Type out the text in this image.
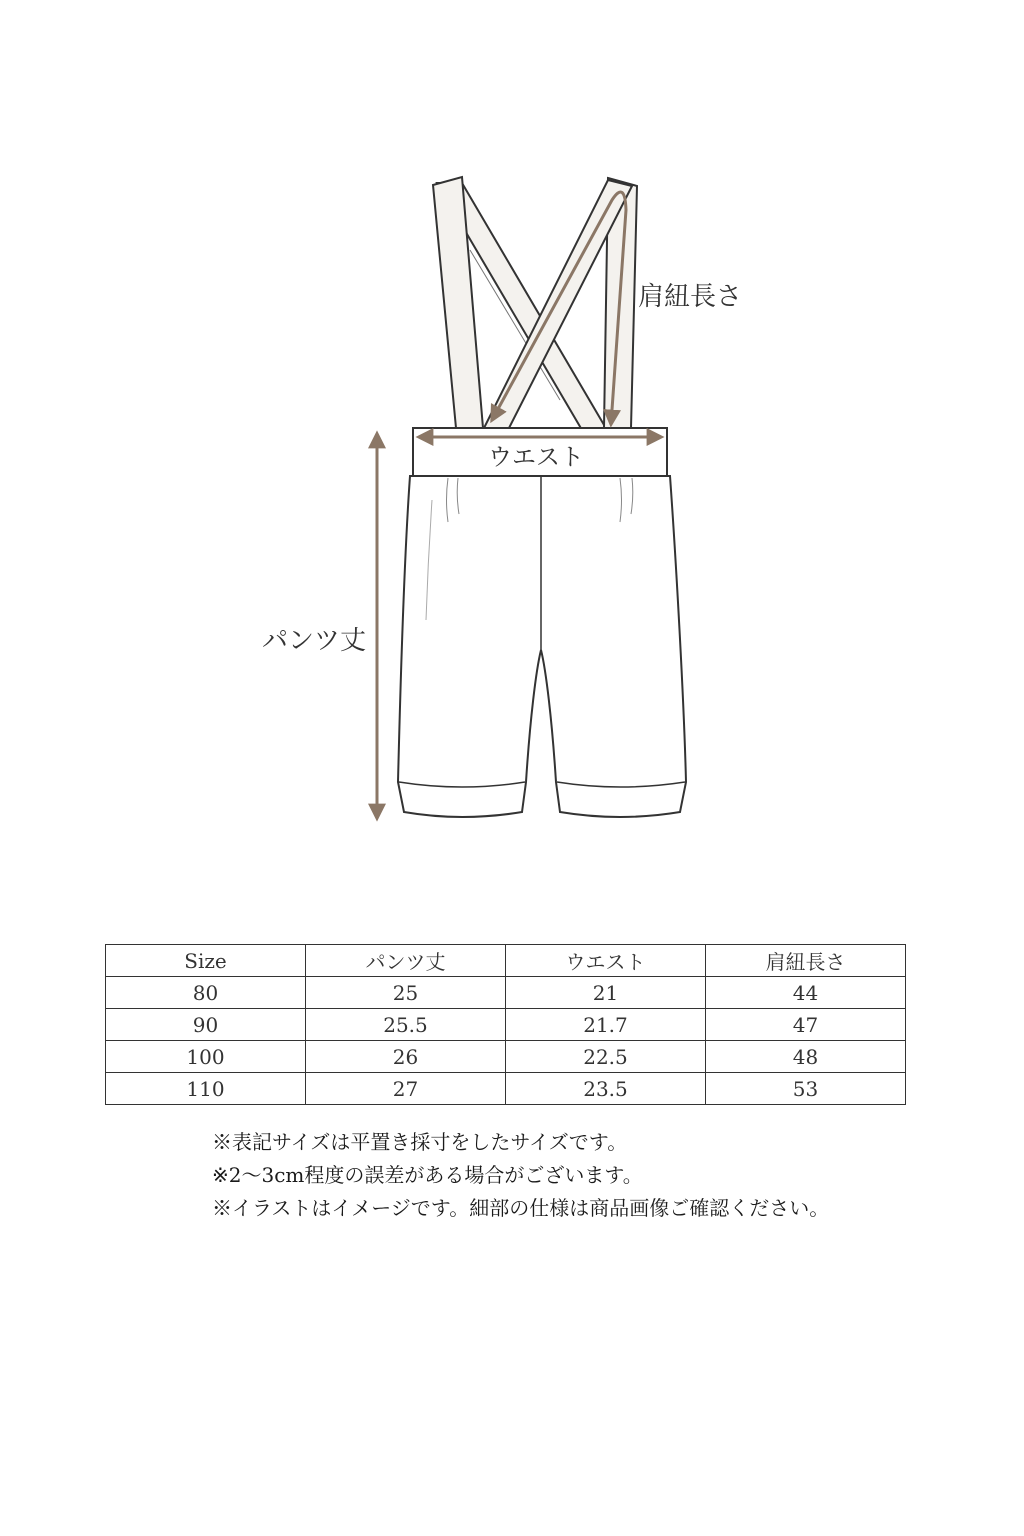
肩紐長さ
ウエスト
パンツ丈
Size	パンツ丈	ウエスト	肩紐長さ
80	25	21	44
90	25.5	21.7	47
100	26	22.5	48
110	27	23.5	53
※表記サイズは平置き採寸をしたサイズです。
※2〜3cm程度の誤差がある場合がございます。
※イラストはイメージです。細部の仕様は商品画像ご確認ください。
